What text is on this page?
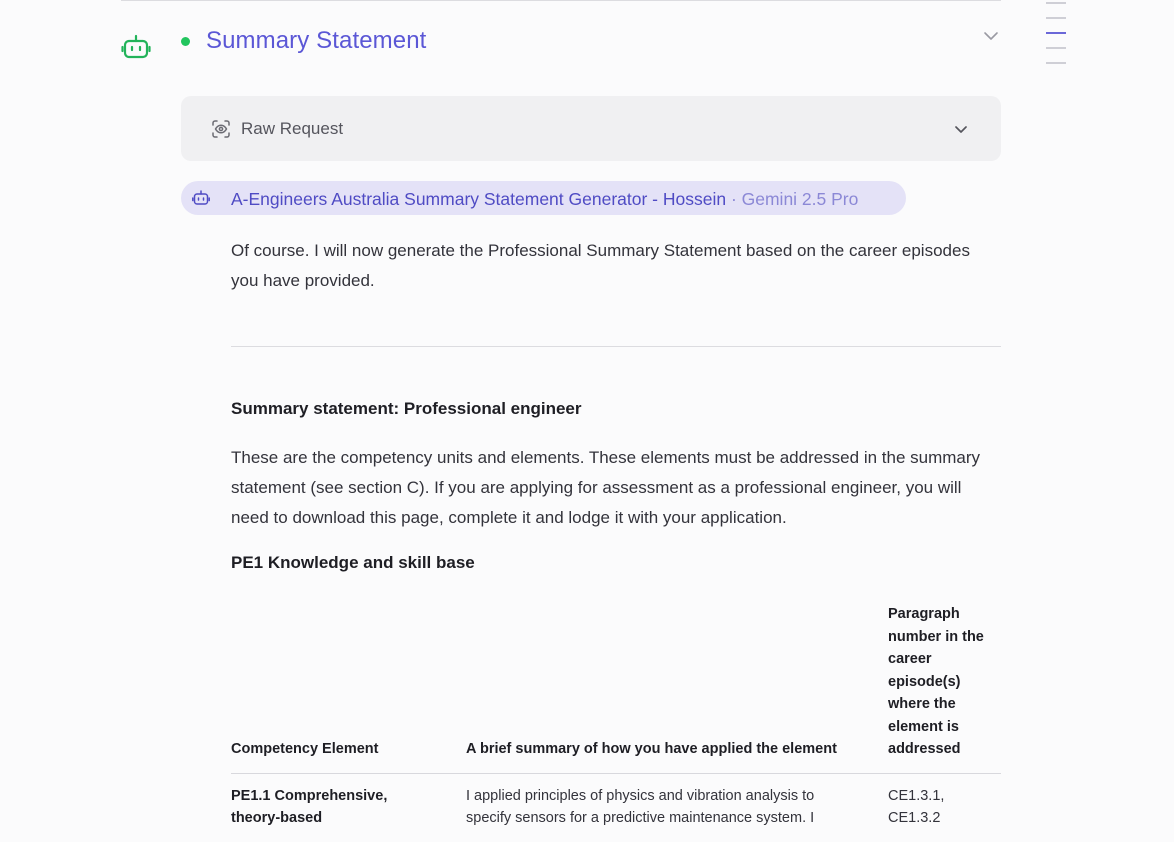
Summary Statement
Raw Request
A-Engineers Australia Summary Statement Generator - Hossein · Gemini 2.5 Pro

Of course. I will now generate the Professional Summary Statement based on the career episodes you have provided.

Summary statement: Professional engineer

These are the competency units and elements. These elements must be addressed in the summary statement (see section C). If you are applying for assessment as a professional engineer, you will need to download this page, complete it and lodge it with your application.

PE1 Knowledge and skill base
Competency Element	A brief summary of how you have applied the element	Paragraph number in the career episode(s) where the element is addressed

PE1.1 Comprehensive, theory-based	I applied principles of physics and vibration analysis to specify sensors for a predictive maintenance system. I	CE1.3.1, CE1.3.2
